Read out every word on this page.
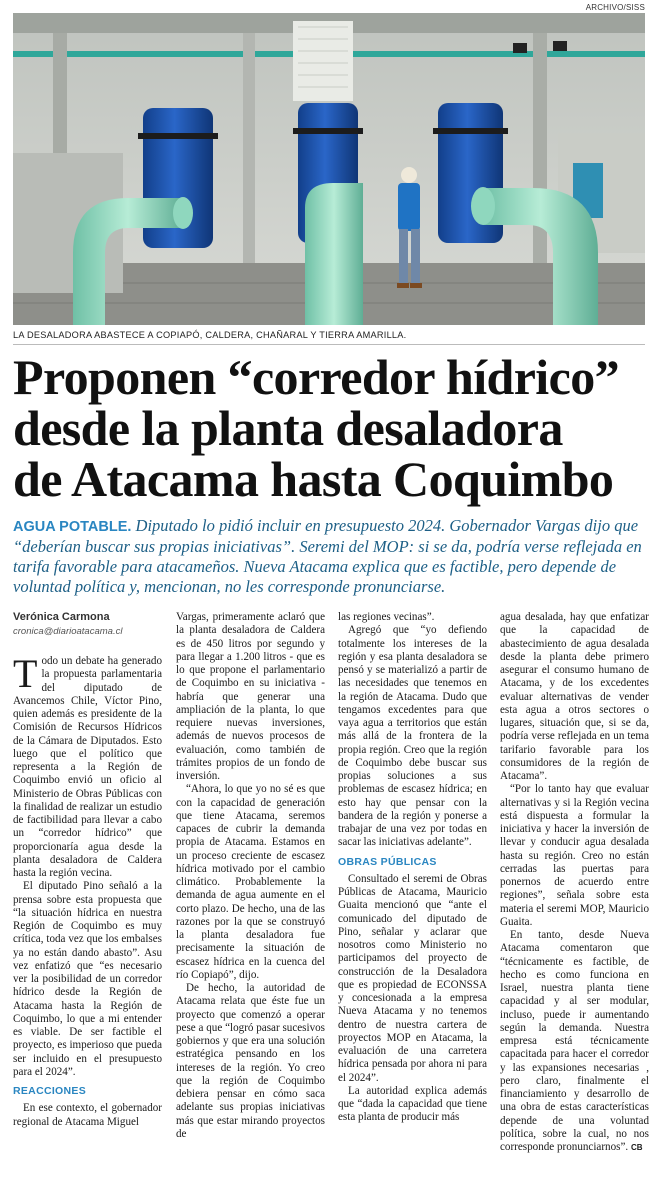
ARCHIVO/SISS
LA DESALADORA ABASTECE A COPIAPÓ, CALDERA, CHAÑARAL Y TIERRA AMARILLA.
Proponen “corredor hídrico”
desde la planta desaladora
de Atacama hasta Coquimbo
AGUA POTABLE. Diputado lo pidió incluir en presupuesto 2024. Gobernador Vargas dijo que “deberían buscar sus propias iniciativas”. Seremi del MOP: si se da, podría verse reflejada en tarifa favorable para atacameños. Nueva Atacama explica que es factible, pero depende de voluntad política y, mencionan, no les corresponde pronunciarse.
Verónica Carmona
cronica@diarioatacama.cl

Todo un debate ha generado la propuesta parlamentaria del diputado de Avancemos Chile, Víctor Pino, quien además es presidente de la Comisión de Recursos Hídricos de la Cámara de Diputados. Esto luego que el político que representa a la Región de Coquimbo envió un oficio al Ministerio de Obras Públicas con la finalidad de realizar un estudio de factibilidad para llevar a cabo un “corredor hídrico” que proporcionaría agua desde la planta desaladora de Caldera hasta la región vecina.

El diputado Pino señaló a la prensa sobre esta propuesta que “la situación hídrica en nuestra Región de Coquimbo es muy crítica, toda vez que los embalses ya no están dando abasto”. Asu vez enfatizó que “es necesario ver la posibilidad de un corredor hídrico desde la Región de Atacama hasta la Región de Coquimbo, lo que a mi entender es viable. De ser factible el proyecto, es imperioso que pueda ser incluido en el presupuesto para el 2024”.

REACCIONES

En ese contexto, el gobernador regional de Atacama Miguel

Vargas, primeramente aclaró que la planta desaladora de Caldera es de 450 litros por segundo y para llegar a 1.200 litros - que es lo que propone el parlamentario de Coquimbo en su iniciativa - habría que generar una ampliación de la planta, lo que requiere nuevas inversiones, además de nuevos procesos de evaluación, como también de trámites propios de un fondo de inversión.

“Ahora, lo que yo no sé es que con la capacidad de generación que tiene Atacama, seremos capaces de cubrir la demanda propia de Atacama. Estamos en un proceso creciente de escasez hídrica motivado por el cambio climático. Probablemente la demanda de agua aumente en el corto plazo. De hecho, una de las razones por la que se construyó la planta desaladora fue precisamente la situación de escasez hídrica en la cuenca del río Copiapó”, dijo.

De hecho, la autoridad de Atacama relata que éste fue un proyecto que comenzó a operar pese a que “logró pasar sucesivos gobiernos y que era una solución estratégica pensando en los intereses de la región. Yo creo que la región de Coquimbo debiera pensar en cómo saca adelante sus propias iniciativas más que estar mirando proyectos de

las regiones vecinas”.

Agregó que “yo defiendo totalmente los intereses de la región y esa planta desaladora se pensó y se materializó a partir de las necesidades que tenemos en la región de Atacama. Dudo que tengamos excedentes para que vaya agua a territorios que están más allá de la frontera de la propia región. Creo que la región de Coquimbo debe buscar sus propias soluciones a sus problemas de escasez hídrica; en esto hay que pensar con la bandera de la región y ponerse a trabajar de una vez por todas en sacar las iniciativas adelante”.

OBRAS PÚBLICAS

Consultado el seremi de Obras Públicas de Atacama, Mauricio Guaita mencionó que “ante el comunicado del diputado de Pino, señalar y aclarar que nosotros como Ministerio no participamos del proyecto de construcción de la Desaladora que es propiedad de ECONSSA y concesionada a la empresa Nueva Atacama y no tenemos dentro de nuestra cartera de proyectos MOP en Atacama, la evaluación de una carretera hídrica pensada por ahora ni para el 2024”.

La autoridad explica además que “dada la capacidad que tiene esta planta de producir más

agua desalada, hay que enfatizar que la capacidad de abastecimiento de agua desalada desde la planta debe primero asegurar el consumo humano de Atacama, y de los excedentes evaluar alternativas de vender esta agua a otros sectores o lugares, situación que, si se da, podría verse reflejada en un tema tarifario favorable para los consumidores de la región de Atacama”.

“Por lo tanto hay que evaluar alternativas y si la Región vecina está dispuesta a formular la iniciativa y hacer la inversión de llevar y conducir agua desalada hasta su región. Creo no están cerradas las puertas para ponernos de acuerdo entre regiones”, señala sobre esta materia el seremi MOP, Mauricio Guaita.

En tanto, desde Nueva Atacama comentaron que “técnicamente es factible, de hecho es como funciona en Israel, nuestra planta tiene capacidad y al ser modular, incluso, puede ir aumentando según la demanda. Nuestra empresa está técnicamente capacitada para hacer el corredor y las expansiones necesarias , pero claro, finalmente el financiamiento y desarrollo de una obra de estas características depende de una voluntad política, sobre la cual, no nos corresponde pronunciarnos”. CB
